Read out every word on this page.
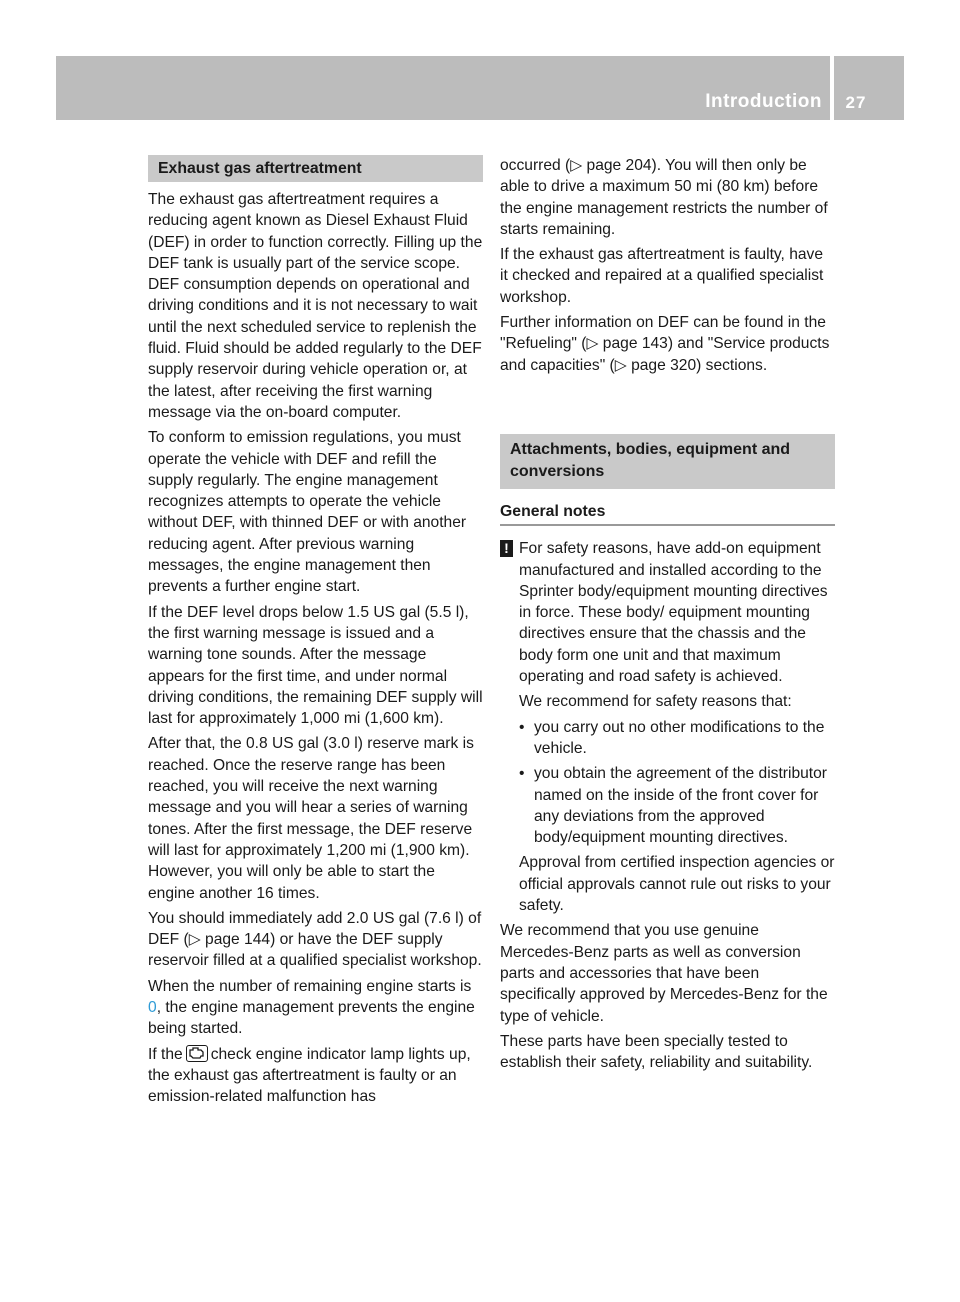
Introduction	27
Exhaust gas aftertreatment

The exhaust gas aftertreatment requires a reducing agent known as Diesel Exhaust Fluid (DEF) in order to function correctly. Filling up the DEF tank is usually part of the service scope. DEF consumption depends on operational and driving conditions and it is not necessary to wait until the next scheduled service to replenish the fluid. Fluid should be added regularly to the DEF supply reservoir during vehicle operation or, at the latest, after receiving the first warning message via the on-board computer.

To conform to emission regulations, you must operate the vehicle with DEF and refill the supply regularly. The engine management recognizes attempts to operate the vehicle without DEF, with thinned DEF or with another reducing agent. After previous warning messages, the engine management then prevents a further engine start.

If the DEF level drops below 1.5 US gal (5.5 l), the first warning message is issued and a warning tone sounds. After the message appears for the first time, and under normal driving conditions, the remaining DEF supply will last for approximately 1,000 mi (1,600 km).

After that, the 0.8 US gal (3.0 l) reserve mark is reached. Once the reserve range has been reached, you will receive the next warning message and you will hear a series of warning tones. After the first message, the DEF reserve will last for approximately 1,200 mi (1,900 km). However, you will only be able to start the engine another 16 times.

You should immediately add 2.0 US gal (7.6 l) of DEF (▷ page 144) or have the DEF supply reservoir filled at a qualified specialist workshop.

When the number of remaining engine starts is 0, the engine management prevents the engine being started.

If the check engine indicator lamp lights up, the exhaust gas aftertreatment is faulty or an emission-related malfunction has

occurred (▷ page 204). You will then only be able to drive a maximum 50 mi (80 km) before the engine management restricts the number of starts remaining.

If the exhaust gas aftertreatment is faulty, have it checked and repaired at a qualified specialist workshop.

Further information on DEF can be found in the "Refueling" (▷ page 143) and "Service products and capacities" (▷ page 320) sections.

Attachments, bodies, equipment and conversions
General notes
! For safety reasons, have add-on equipment manufactured and installed according to the Sprinter body/equipment mounting directives in force. These body/ equipment mounting directives ensure that the chassis and the body form one unit and that maximum operating and road safety is achieved.

We recommend for safety reasons that:

• you carry out no other modifications to the vehicle.
• you obtain the agreement of the distributor named on the inside of the front cover for any deviations from the approved body/equipment mounting directives.

Approval from certified inspection agencies or official approvals cannot rule out risks to your safety.

We recommend that you use genuine Mercedes-Benz parts as well as conversion parts and accessories that have been specifically approved by Mercedes-Benz for the type of vehicle.

These parts have been specially tested to establish their safety, reliability and suitability.
